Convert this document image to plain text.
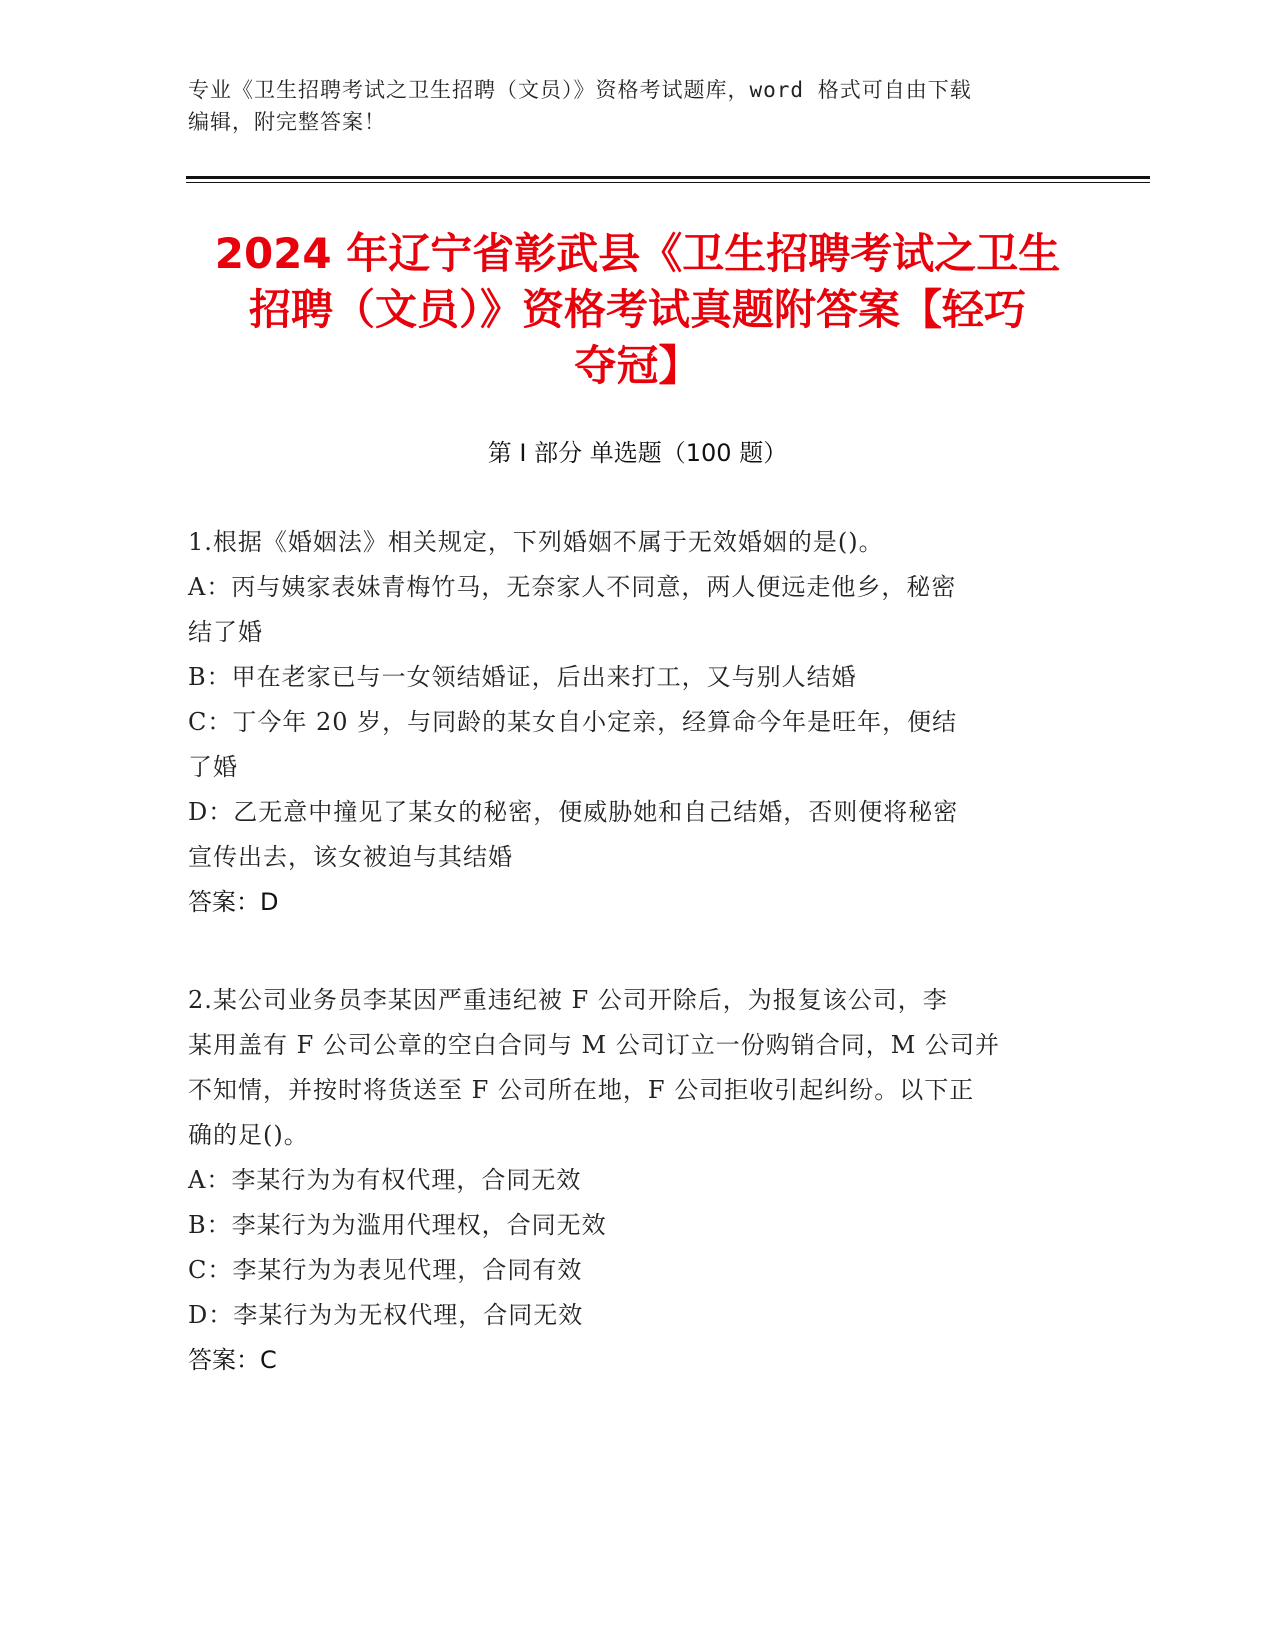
专业《卫生招聘考试之卫生招聘（文员）》资格考试题库，word 格式可自由下载
编辑，附完整答案！
2024 年辽宁省彰武县《卫生招聘考试之卫生
招聘（文员）》资格考试真题附答案【轻巧
夺冠】
第 I 部分 单选题（100 题）
1.根据《婚姻法》相关规定，下列婚姻不属于无效婚姻的是()。
A：丙与姨家表妹青梅竹马，无奈家人不同意，两人便远走他乡，秘密
结了婚
B：甲在老家已与一女领结婚证，后出来打工，又与别人结婚
C：丁今年 20 岁，与同龄的某女自小定亲，经算命今年是旺年，便结
了婚
D：乙无意中撞见了某女的秘密，便威胁她和自己结婚，否则便将秘密
宣传出去，该女被迫与其结婚
答案：D
2.某公司业务员李某因严重违纪被 F 公司开除后，为报复该公司，李
某用盖有 F 公司公章的空白合同与 M 公司订立一份购销合同，M 公司并
不知情，并按时将货送至 F 公司所在地，F 公司拒收引起纠纷。以下正
确的足()。
A：李某行为为有权代理，合同无效
B：李某行为为滥用代理权，合同无效
C：李某行为为表见代理，合同有效
D：李某行为为无权代理，合同无效
答案：C
